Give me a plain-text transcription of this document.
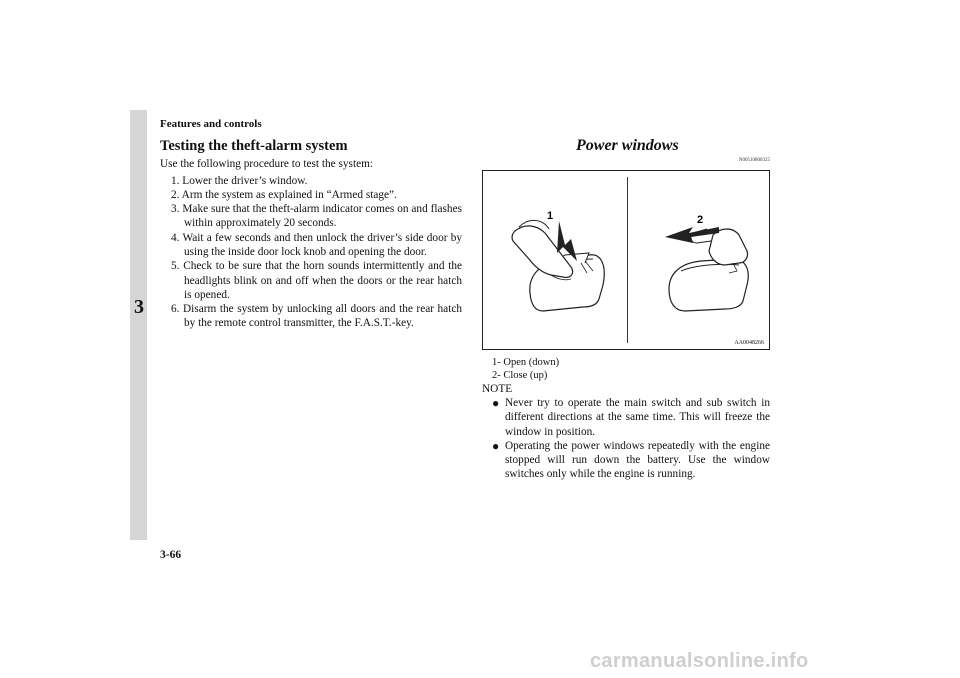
Features and controls
3
Testing the theft-alarm system
Use the following procedure to test the system:
1. Lower the driver’s window.
2. Arm the system as explained in “Armed stage”.
3. Make sure that the theft-alarm indicator comes on and flashes within approximately 20 seconds.
4. Wait a few seconds and then unlock the driver’s side door by using the inside door lock knob and opening the door.
5. Check to be sure that the horn sounds intermittently and the headlights blink on and off when the doors or the rear hatch is opened.
6. Disarm the system by unlocking all doors and the rear hatch by the remote control transmitter, the F.A.S.T.-key.
Power windows
N00510800325
1	2
AA0048266
1- Open (down)
2- Close (up)
NOTE
● Never try to operate the main switch and sub switch in different directions at the same time. This will freeze the window in position.
● Operating the power windows repeatedly with the engine stopped will run down the battery. Use the window switches only while the engine is running.
3-66
carmanualsonline.info
